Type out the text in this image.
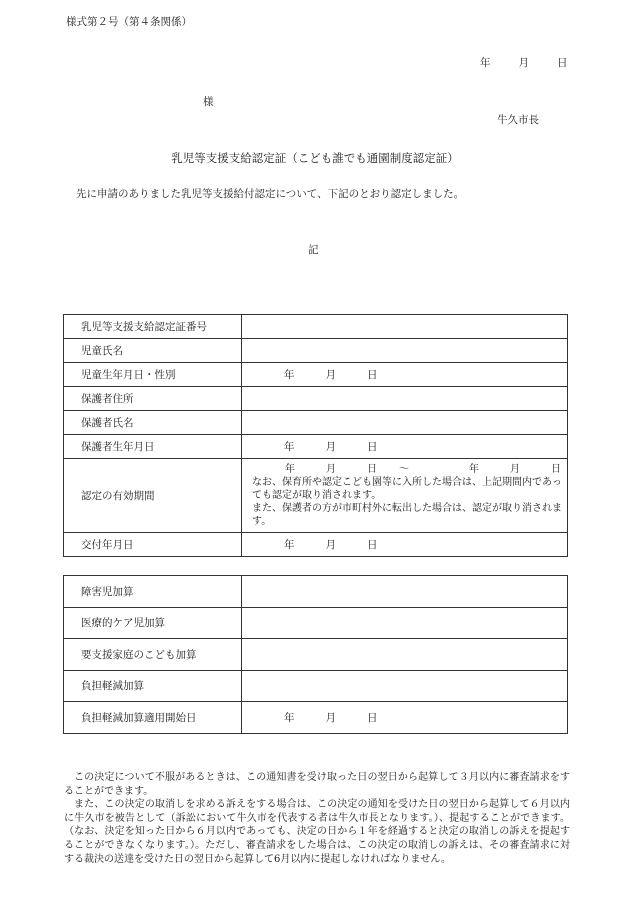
様式第２号（第４条関係）
年	月	日
様
牛久市長
乳児等支援支給認定証（こども誰でも通園制度認定証）
先に申請のありました乳児等支援給付認定について、下記のとおり認定しました。
記
乳児等支援支給認定証番号	
児童氏名	
児童生年月日・性別	年 月 日
保護者住所	
保護者氏名	
保護者生年月日	年 月 日
認定の有効期間	年 月 日 〜 年 月 日
なお、保育所や認定こども園等に入所した場合は、上記期間内であっても認定が取り消されます。
また、保護者の方が市町村外に転出した場合は、認定が取り消されます。

交付年月日	年 月 日
障害児加算	
医療的ケア児加算	
要支援家庭のこども加算	
負担軽減加算	
負担軽減加算適用開始日	年 月 日

この決定について不服があるときは、この通知書を受け取った日の翌日から起算して３月以内に審査請求をすることができます。

また、この決定の取消しを求める訴えをする場合は、この決定の通知を受けた日の翌日から起算して６月以内に牛久市を被告として（訴訟において牛久市を代表する者は牛久市長となります。）、提起することができます。（なお、決定を知った日から６月以内であっても、決定の日から１年を経過すると決定の取消しの訴えを提起することができなくなります。）。ただし、審査請求をした場合は、この決定の取消しの訴えは、その審査請求に対する裁決の送達を受けた日の翌日から起算して6月以内に提起しなければなりません。
